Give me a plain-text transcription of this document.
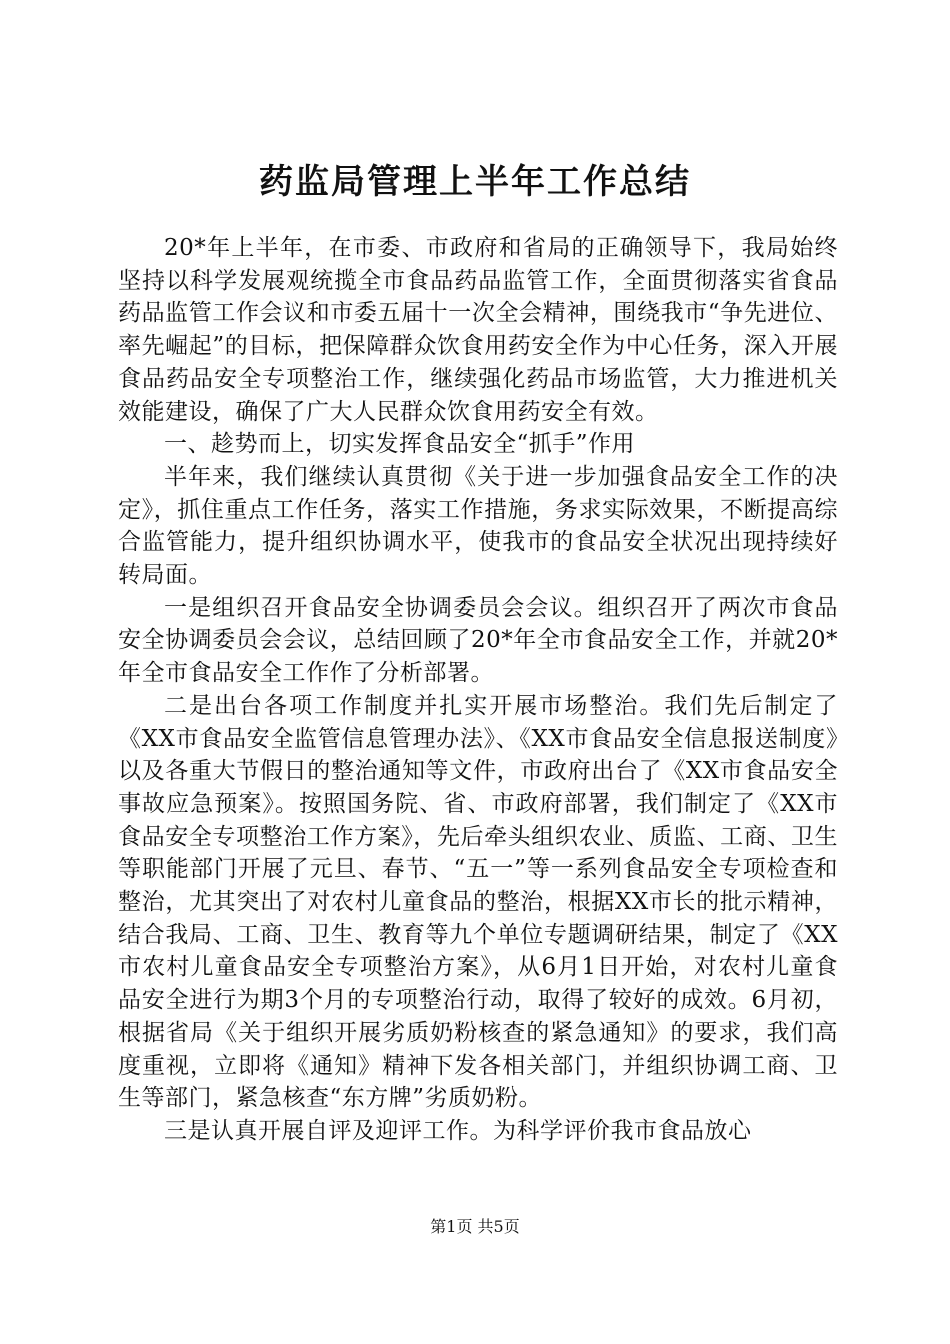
药监局管理上半年工作总结

20*年上半年，在市委、市政府和省局的正确领导下，我局始终坚持以科学发展观统揽全市食品药品监管工作，全面贯彻落实省食品药品监管工作会议和市委五届十一次全会精神，围绕我市“争先进位、率先崛起”的目标，把保障群众饮食用药安全作为中心任务，深入开展食品药品安全专项整治工作，继续强化药品市场监管，大力推进机关效能建设，确保了广大人民群众饮食用药安全有效。

一、趁势而上，切实发挥食品安全“抓手”作用

半年来，我们继续认真贯彻《关于进一步加强食品安全工作的决定》，抓住重点工作任务，落实工作措施，务求实际效果，不断提高综合监管能力，提升组织协调水平，使我市的食品安全状况出现持续好转局面。

一是组织召开食品安全协调委员会会议。组织召开了两次市食品安全协调委员会会议，总结回顾了20*年全市食品安全工作，并就20*年全市食品安全工作作了分析部署。

二是出台各项工作制度并扎实开展市场整治。我们先后制定了《XX市食品安全监管信息管理办法》、《XX市食品安全信息报送制度》以及各重大节假日的整治通知等文件，市政府出台了《XX市食品安全事故应急预案》。按照国务院、省、市政府部署，我们制定了《XX市食品安全专项整治工作方案》，先后牵头组织农业、质监、工商、卫生等职能部门开展了元旦、春节、“五一”等一系列食品安全专项检查和整治，尤其突出了对农村儿童食品的整治，根据XX市长的批示精神，结合我局、工商、卫生、教育等九个单位专题调研结果，制定了《XX市农村儿童食品安全专项整治方案》，从6月1日开始，对农村儿童食品安全进行为期3个月的专项整治行动，取得了较好的成效。6月初，根据省局《关于组织开展劣质奶粉核查的紧急通知》的要求，我们高度重视，立即将《通知》精神下发各相关部门，并组织协调工商、卫生等部门，紧急核查“东方牌”劣质奶粉。

三是认真开展自评及迎评工作。为科学评价我市食品放心

第1页 共5页
